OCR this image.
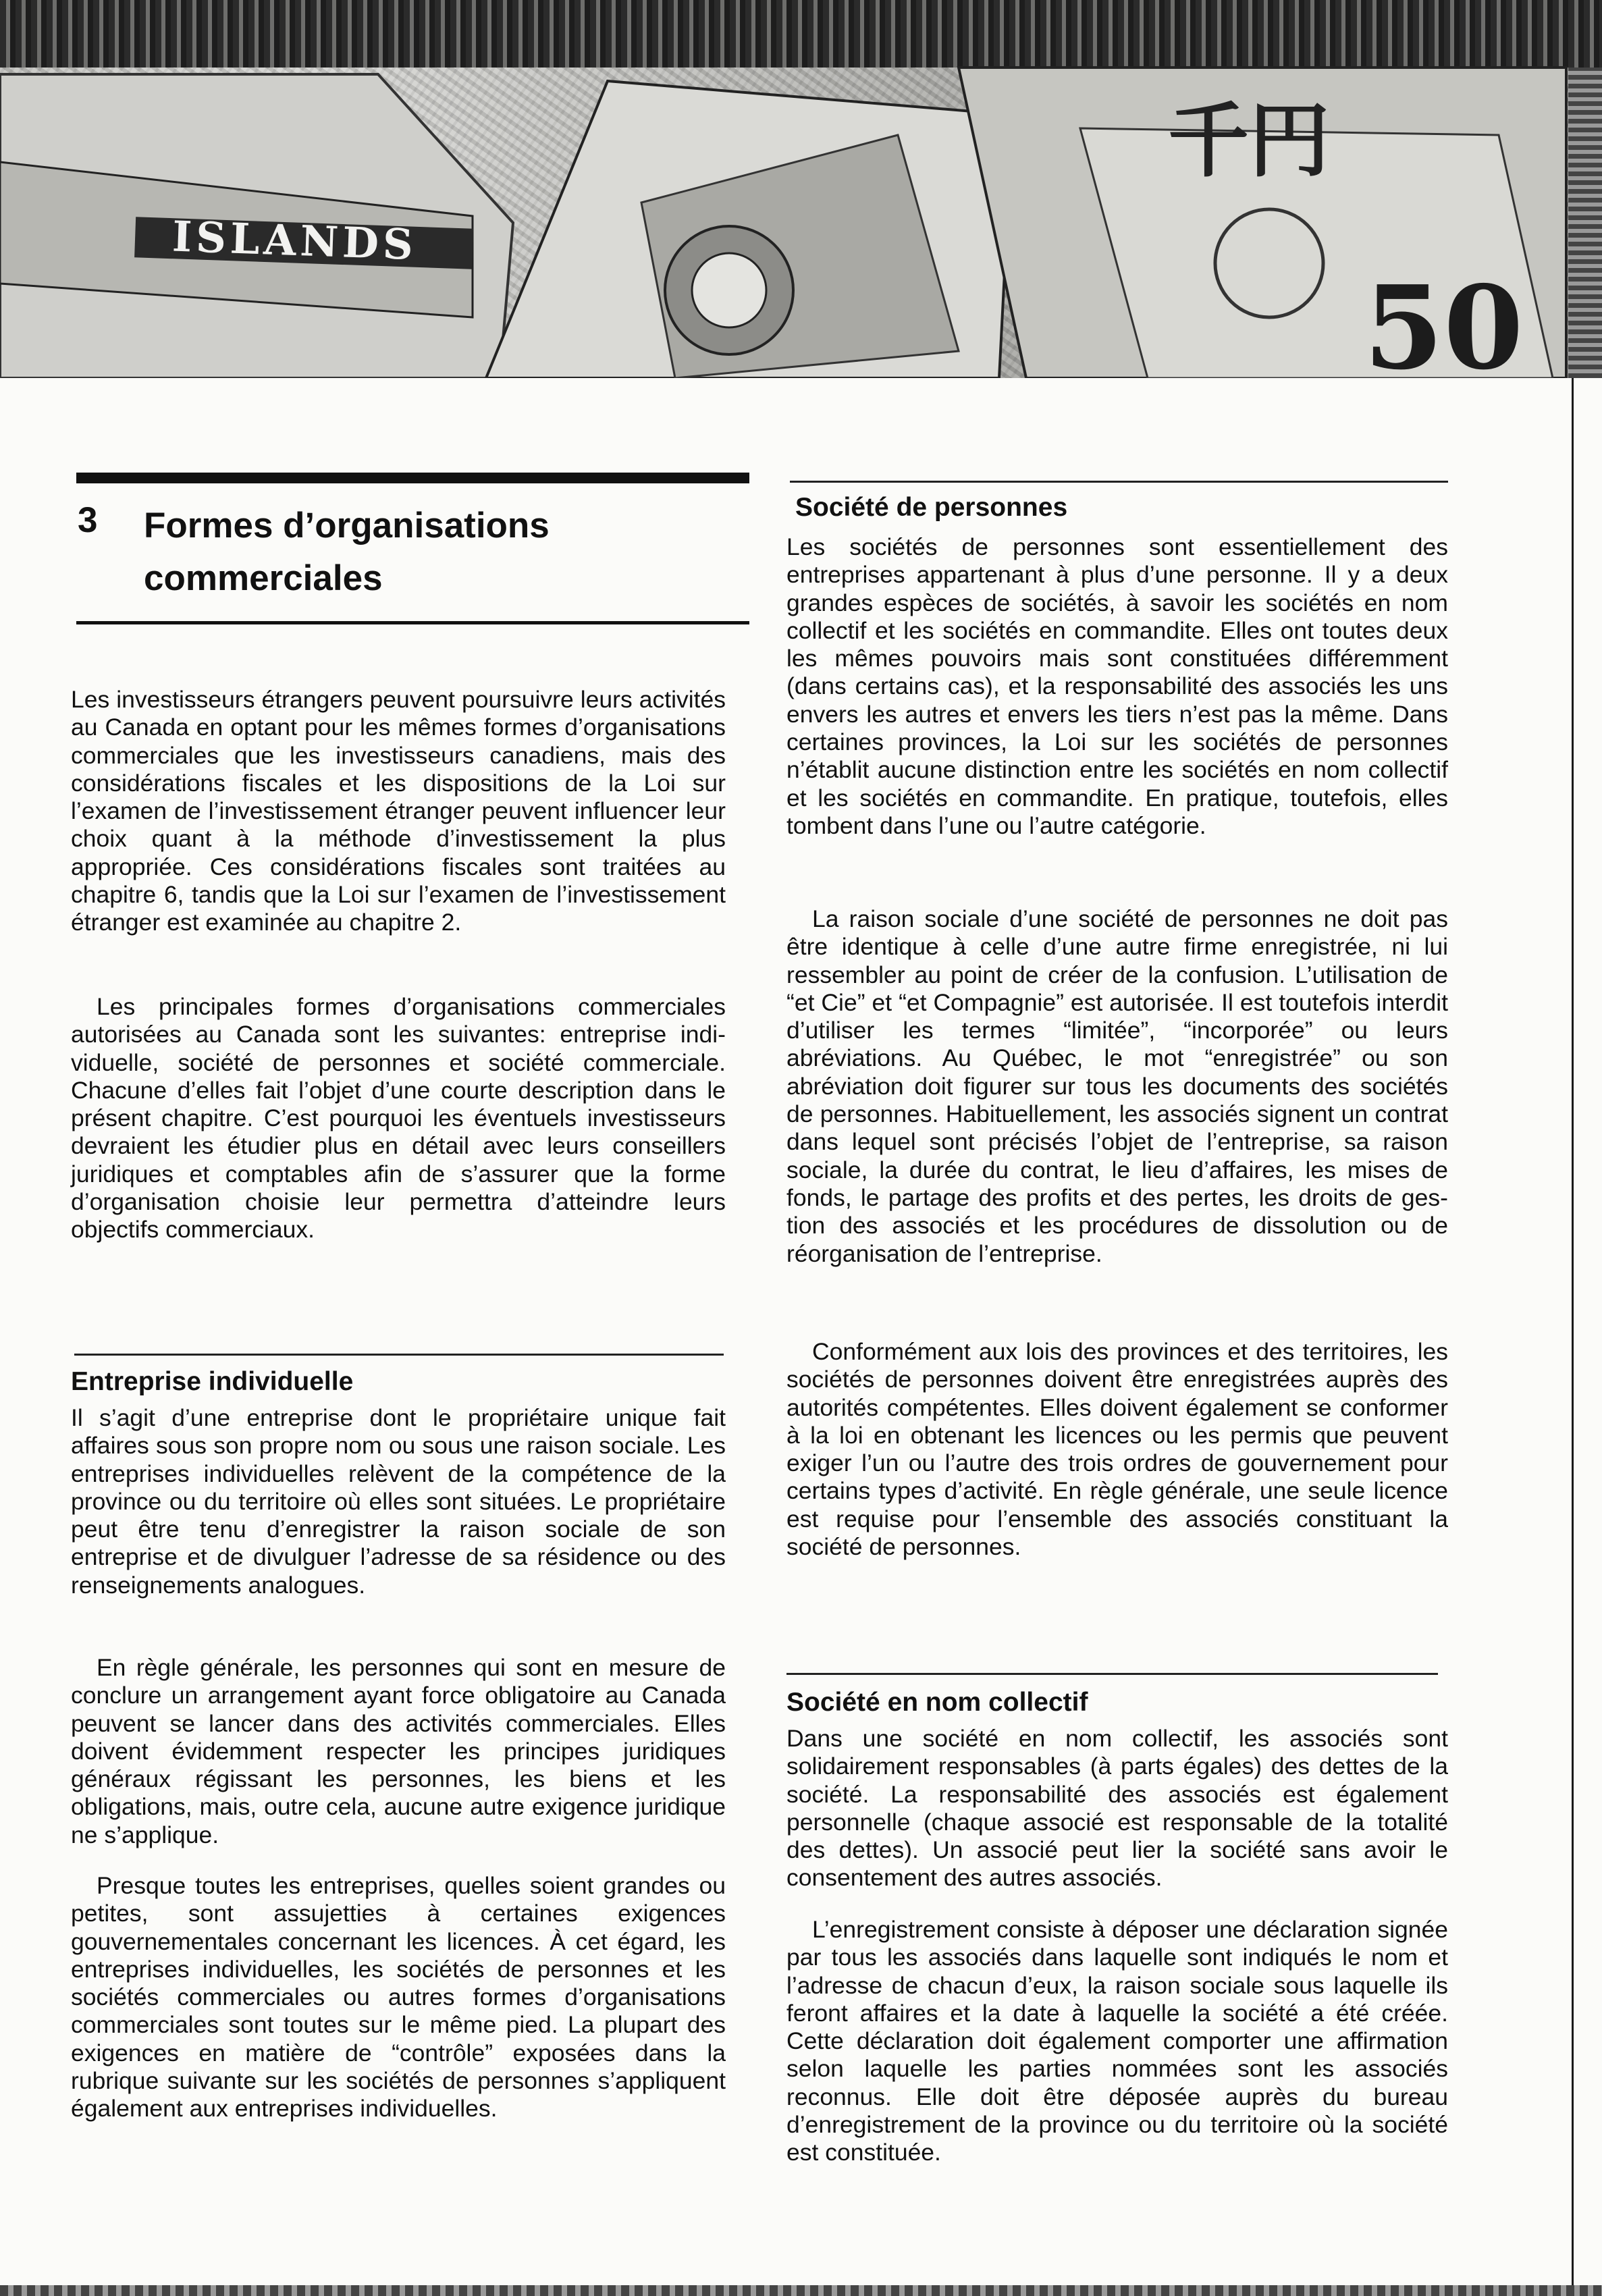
千円
50
ISLANDS
3 Formes d’organisations
commerciales

Les investisseurs étrangers peuvent poursuivre leurs activités au Canada en optant pour les mêmes formes d’organisations commerciales que les investisseurs canadiens, mais des considérations fiscales et les dispositions de la Loi sur l’examen de l’investissement étranger peuvent influencer leur choix quant à la méthode d’investissement la plus appropriée. Ces considérations fiscales sont traitées au chapitre 6, tandis que la Loi sur l’examen de l’investissement étranger est examinée au chapitre 2.

Les principales formes d’organisations commerciales autorisées au Canada sont les suivantes: entreprise individuelle, société de personnes et société commerciale. Chacune d’elles fait l’objet d’une courte description dans le présent chapitre. C’est pourquoi les éventuels investisseurs devraient les étudier plus en détail avec leurs conseillers juridiques et comptables afin de s’assurer que la forme d’organisation choisie leur permettra d’atteindre leurs objectifs commerciaux.

Entreprise individuelle

Il s’agit d’une entreprise dont le propriétaire unique fait affaires sous son propre nom ou sous une raison sociale. Les entreprises individuelles relèvent de la compétence de la province ou du territoire où elles sont situées. Le propriétaire peut être tenu d’enregistrer la raison sociale de son entreprise et de divulguer l’adresse de sa résidence ou des renseignements analogues.

En règle générale, les personnes qui sont en mesure de conclure un arrangement ayant force obligatoire au Canada peuvent se lancer dans des activités commerciales. Elles doivent évidemment respecter les principes juridiques généraux régissant les personnes, les biens et les obligations, mais, outre cela, aucune autre exigence juridique ne s’applique.

Presque toutes les entreprises, quelles soient grandes ou petites, sont assujetties à certaines exigences gouvernementales concernant les licences. À cet égard, les entreprises individuelles, les sociétés de personnes et les sociétés commerciales ou autres formes d’organisations commerciales sont toutes sur le même pied. La plupart des exigences en matière de “contrôle” exposées dans la rubrique suivante sur les sociétés de personnes s’appliquent également aux entreprises individuelles.

Société de personnes

Les sociétés de personnes sont essentiellement des entreprises appartenant à plus d’une personne. Il y a deux grandes espèces de sociétés, à savoir les sociétés en nom collectif et les sociétés en commandite. Elles ont toutes deux les mêmes pouvoirs mais sont constituées différemment (dans certains cas), et la responsabilité des associés les uns envers les autres et envers les tiers n’est pas la même. Dans certaines provinces, la Loi sur les sociétés de personnes n’établit aucune distinction entre les sociétés en nom collectif et les sociétés en commandite. En pratique, toutefois, elles tombent dans l’une ou l’autre catégorie.

La raison sociale d’une société de personnes ne doit pas être identique à celle d’une autre firme enregistrée, ni lui ressembler au point de créer de la confusion. L’utilisation de “et Cie” et “et Compagnie” est autorisée. Il est toutefois interdit d’utiliser les termes “limitée”, “incorporée” ou leurs abréviations. Au Québec, le mot “enregistrée” ou son abréviation doit figurer sur tous les documents des sociétés de personnes. Habituellement, les associés signent un contrat dans lequel sont précisés l’objet de l’entreprise, sa raison sociale, la durée du contrat, le lieu d’affaires, les mises de fonds, le partage des profits et des pertes, les droits de gestion des associés et les procédures de dissolution ou de réorganisation de l’entreprise.

Conformément aux lois des provinces et des territoires, les sociétés de personnes doivent être enregistrées auprès des autorités compétentes. Elles doivent également se conformer à la loi en obtenant les licences ou les permis que peuvent exiger l’un ou l’autre des trois ordres de gouvernement pour certains types d’activité. En règle générale, une seule licence est requise pour l’ensemble des associés constituant la société de personnes.

Société en nom collectif

Dans une société en nom collectif, les associés sont solidairement responsables (à parts égales) des dettes de la société. La responsabilité des associés est également personnelle (chaque associé est responsable de la totalité des dettes). Un associé peut lier la société sans avoir le consentement des autres associés.

L’enregistrement consiste à déposer une déclaration signée par tous les associés dans laquelle sont indiqués le nom et l’adresse de chacun d’eux, la raison sociale sous laquelle ils feront affaires et la date à laquelle la société a été créée. Cette déclaration doit également comporter une affirmation selon laquelle les parties nommées sont les associés reconnus. Elle doit être déposée auprès du bureau d’enregistrement de la province ou du territoire où la société est constituée.
